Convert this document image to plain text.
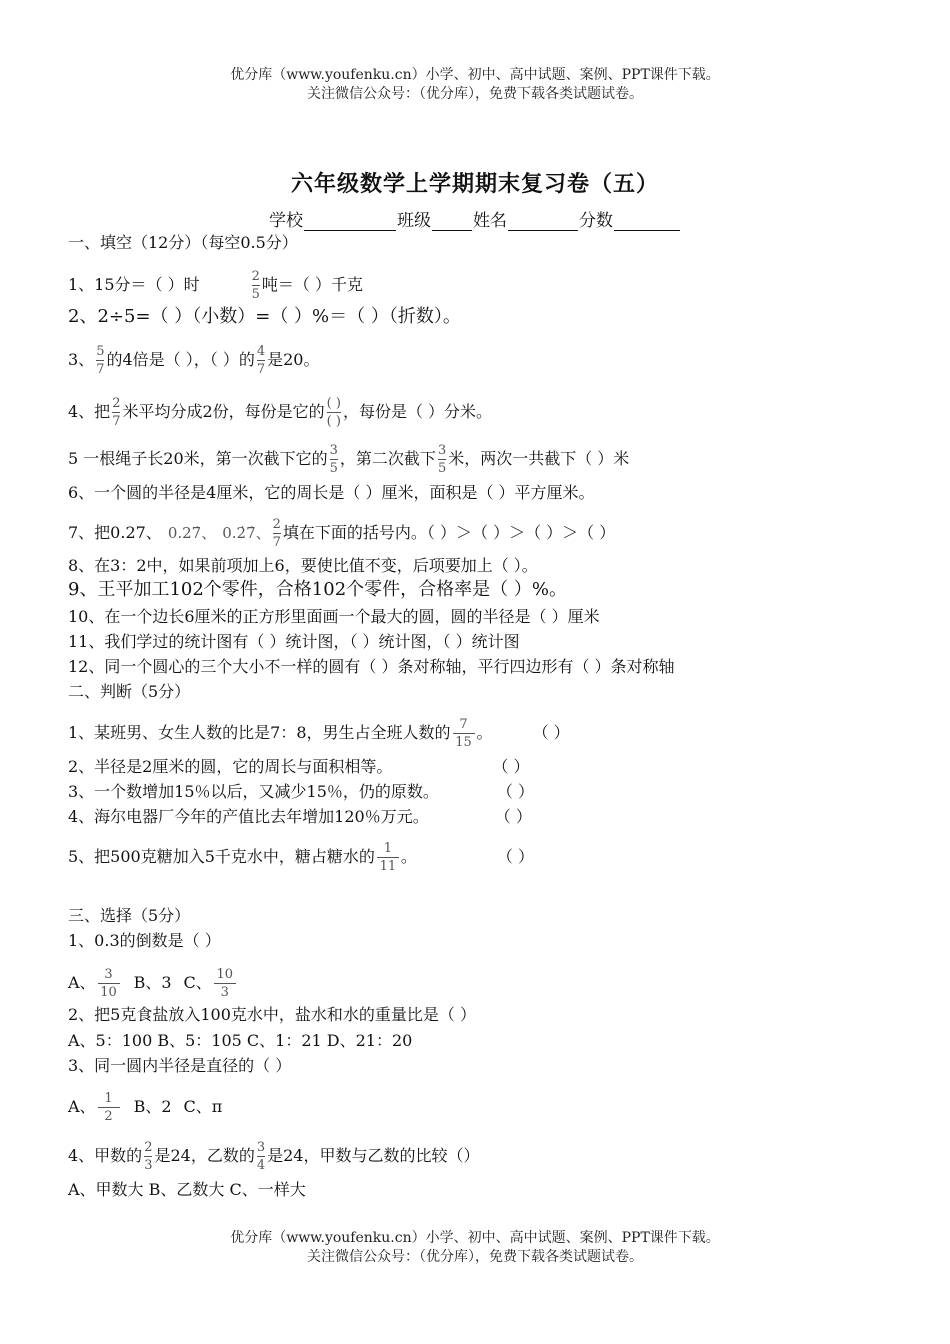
优分库（www.youfenku.cn）小学、初中、高中试题、案例、PPT课件下载。
关注微信公众号：（优分库），免费下载各类试题试卷。
六年级数学上学期期末复习卷（五）
学校	班级 姓名	分数
一、填空（12分）（每空0.5分）
1、15分＝（ ）时	$\frac{2}{5}$ 吨＝（ ）千克
2、2÷5=（ ）（小数）=（ ）%＝（ ）（折数）。
3、 $\frac{5}{7}$ 的4倍是（ ），（ ）的 $\frac{4}{7}$ 是20。
4、把 $\frac{2}{7}$ 米平均分成2份，每份是它的 $\frac{( )}{( )}$ ，每份是（ ）分米。
5 一根绳子长20米，第一次截下它的 $\frac{3}{5}$ ，第二次截下 $\frac{3}{5}$ 米，两次一共截下（ ）米
6、一个圆的半径是4厘米，它的周长是（ ）厘米，面积是（ ）平方厘米。
7、把0.27、 0.27̇、 0.2̇7̇、 $\frac{2}{7}$ 填在下面的括号内。（ ）＞（ ）＞（ ）＞（ ）
8、在3：2中，如果前项加上6，要使比值不变，后项要加上（ ）。
9、王平加工102个零件，合格102个零件，合格率是（ ）%。
10、在一个边长6厘米的正方形里面画一个最大的圆，圆的半径是（ ）厘米
11、我们学过的统计图有（ ）统计图，（ ）统计图，（ ）统计图
12、同一个圆心的三个大小不一样的圆有（ ）条对称轴，平行四边形有（ ）条对称轴
二、判断（5分）
1、某班男、女生人数的比是7：8，男生占全班人数的 $\frac{7}{15}$ 。	（ ）
2、半径是2厘米的圆，它的周长与面积相等。	（ ）
3、一个数增加15％以后，又减少15％，仍的原数。	（ ）
4、海尔电器厂今年的产值比去年增加120％万元。	（ ）
5、把500克糖加入5千克水中，糖占糖水的 $\frac{1}{11}$ 。	（ ）
三、选择（5分）
1、0.3的倒数是（ ）
A、 $\frac{3}{10}$ B、3 C、 $\frac{10}{3}$
2、把5克食盐放入100克水中，盐水和水的重量比是（ ）
A、5：100 B、5：105 C、1：21 D、21：20
3、同一圆内半径是直径的（ ）
A、 $\frac{1}{2}$ B、2 C、π
4、甲数的 $\frac{2}{3}$ 是24，乙数的 $\frac{3}{4}$ 是24，甲数与乙数的比较（）
A、甲数大 B、乙数大 C、一样大
优分库（www.youfenku.cn）小学、初中、高中试题、案例、PPT课件下载。
关注微信公众号：（优分库），免费下载各类试题试卷。
